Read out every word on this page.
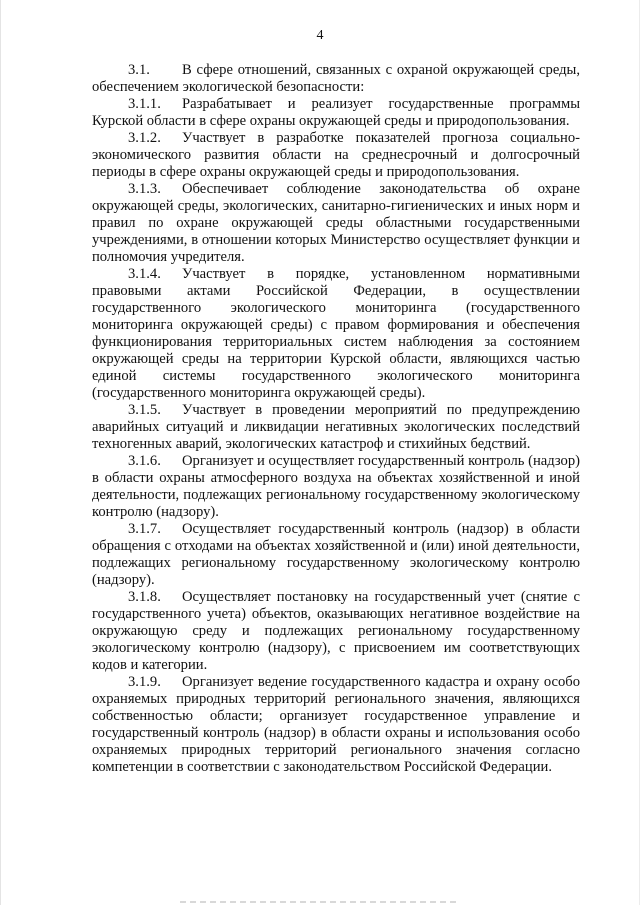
4

3.1. В сфере отношений, связанных с охраной окружающей среды, обеспечением экологической безопасности:

3.1.1. Разрабатывает и реализует государственные программы Курской области в сфере охраны окружающей среды и природопользования.

3.1.2. Участвует в разработке показателей прогноза социально-экономического развития области на среднесрочный и долгосрочный периоды в сфере охраны окружающей среды и природопользования.

3.1.3. Обеспечивает соблюдение законодательства об охране окружающей среды, экологических, санитарно-гигиенических и иных норм и правил по охране окружающей среды областными государственными учреждениями, в отношении которых Министерство осуществляет функции и полномочия учредителя.

3.1.4. Участвует в порядке, установленном нормативными правовыми актами Российской Федерации, в осуществлении государственного экологического мониторинга (государственного мониторинга окружающей среды) с правом формирования и обеспечения функционирования территориальных систем наблюдения за состоянием окружающей среды на территории Курской области, являющихся частью единой системы государственного экологического мониторинга (государственного мониторинга окружающей среды).

3.1.5. Участвует в проведении мероприятий по предупреждению аварийных ситуаций и ликвидации негативных экологических последствий техногенных аварий, экологических катастроф и стихийных бедствий.

3.1.6. Организует и осуществляет государственный контроль (надзор) в области охраны атмосферного воздуха на объектах хозяйственной и иной деятельности, подлежащих региональному государственному экологическому контролю (надзору).

3.1.7. Осуществляет государственный контроль (надзор) в области обращения с отходами на объектах хозяйственной и (или) иной деятельности, подлежащих региональному государственному экологическому контролю (надзору).

3.1.8. Осуществляет постановку на государственный учет (снятие с государственного учета) объектов, оказывающих негативное воздействие на окружающую среду и подлежащих региональному государственному экологическому контролю (надзору), с присвоением им соответствующих кодов и категории.

3.1.9. Организует ведение государственного кадастра и охрану особо охраняемых природных территорий регионального значения, являющихся собственностью области; организует государственное управление и государственный контроль (надзор) в области охраны и использования особо охраняемых природных территорий регионального значения согласно компетенции в соответствии с законодательством Российской Федерации.
